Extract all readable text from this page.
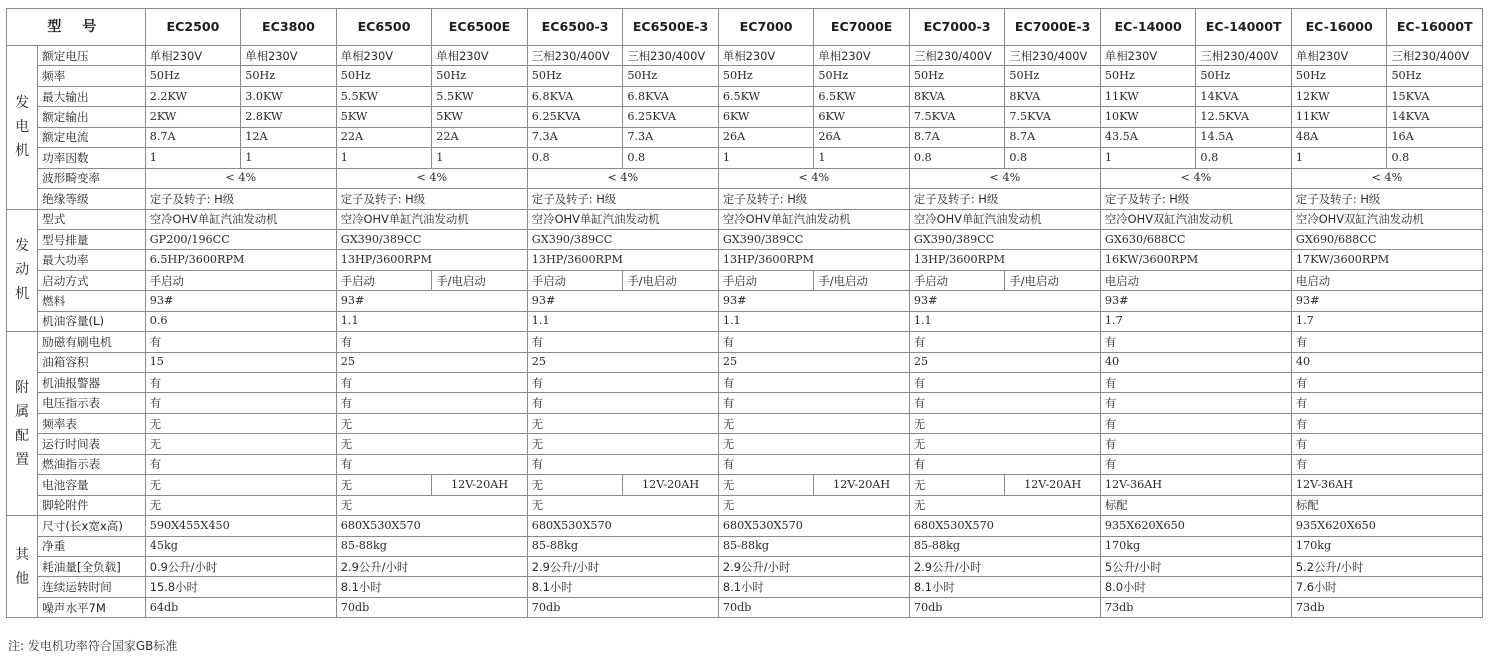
型 号		EC2500	EC3800	EC6500	EC6500E	EC6500-3	EC6500E-3	EC7000	EC7000E	EC7000-3	EC7000E-3	EC-14000	EC-14000T	EC-16000	EC-16000T
发电机	额定电压	单相230V	单相230V	单相230V	单相230V	三相230/400V	三相230/400V	单相230V	单相230V	三相230/400V	三相230/400V	单相230V	三相230/400V	单相230V	三相230/400V
	频率	50Hz	50Hz	50Hz	50Hz	50Hz	50Hz	50Hz	50Hz	50Hz	50Hz	50Hz	50Hz	50Hz	50Hz
	最大输出	2.2KW	3.0KW	5.5KW	5.5KW	6.8KVA	6.8KVA	6.5KW	6.5KW	8KVA	8KVA	11KW	14KVA	12KW	15KVA
	额定输出	2KW	2.8KW	5KW	5KW	6.25KVA	6.25KVA	6KW	6KW	7.5KVA	7.5KVA	10KW	12.5KVA	11KW	14KVA
	额定电流	8.7A	12A	22A	22A	7.3A	7.3A	26A	26A	8.7A	8.7A	43.5A	14.5A	48A	16A
	功率因数	1	1	1	1	0.8	0.8	1	1	0.8	0.8	1	0.8	1	0.8
	波形畸变率	< 4%		< 4%		< 4%		< 4%		< 4%		< 4%		< 4%	
	绝缘等级	定子及转子: H级		定子及转子: H级		定子及转子: H级		定子及转子: H级		定子及转子: H级		定子及转子: H级		定子及转子: H级	
发动机	型式	空冷OHV单缸汽油发动机		空冷OHV单缸汽油发动机		空冷OHV单缸汽油发动机		空冷OHV单缸汽油发动机		空冷OHV单缸汽油发动机		空冷OHV双缸汽油发动机		空冷OHV双缸汽油发动机	
	型号排量	GP200/196CC		GX390/389CC		GX390/389CC		GX390/389CC		GX390/389CC		GX630/688CC		GX690/688CC	
	最大功率	6.5HP/3600RPM		13HP/3600RPM		13HP/3600RPM		13HP/3600RPM		13HP/3600RPM		16KW/3600RPM		17KW/3600RPM	
	启动方式	手启动		手启动	手/电启动	手启动	手/电启动	手启动	手/电启动	手启动	手/电启动	电启动		电启动	
	燃料	93#		93#		93#		93#		93#		93#		93#	
	机油容量(L)	0.6		1.1		1.1		1.1		1.1		1.7		1.7	
附属配置	励磁有刷电机	有		有		有		有		有		有		有	
	油箱容积	15		25		25		25		25		40		40	
	机油报警器	有		有		有		有		有		有		有	
	电压指示表	有		有		有		有		有		有		有	
	频率表	无		无		无		无		无		有		有	
	运行时间表	无		无		无		无		无		有		有	
	燃油指示表	有		有		有		有		有		有		有	
	电池容量	无		无	12V-20AH	无	12V-20AH	无	12V-20AH	无	12V-20AH	12V-36AH		12V-36AH	
	脚轮附件	无		无		无		无		无		标配		标配	
其他	尺寸(长x宽x高)	590X455X450		680X530X570		680X530X570		680X530X570		680X530X570		935X620X650		935X620X650	
	净重	45kg		85-88kg		85-88kg		85-88kg		85-88kg		170kg		170kg	
	耗油量[全负载]	0.9公升/小时		2.9公升/小时		2.9公升/小时		2.9公升/小时		2.9公升/小时		5公升/小时		5.2公升/小时	
	连续运转时间	15.8小时		8.1小时		8.1小时		8.1小时		8.1小时		8.0小时		7.6小时	
	噪声水平7M	64db		70db		70db		70db		70db		73db		73db	
注: 发电机功率符合国家GB标准
